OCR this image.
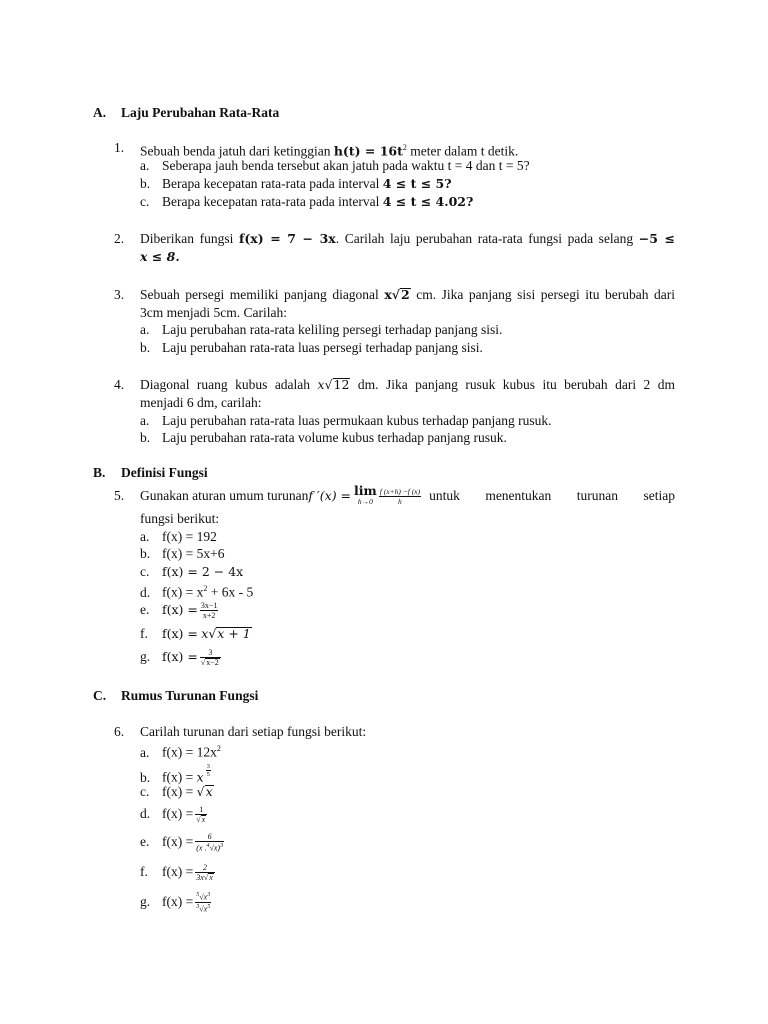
A. Laju Perubahan Rata-Rata
1. Sebuah benda jatuh dari ketinggian $h(t) = 16t^2$ meter dalam t detik.
a. Seberapa jauh benda tersebut akan jatuh pada waktu t = 4 dan t = 5?
b. Berapa kecepatan rata-rata pada interval 4 ≤ t ≤ 5?
c. Berapa kecepatan rata-rata pada interval 4 ≤ t ≤ 4.02?
2. Diberikan fungsi f(x) = 7 − 3x. Carilah laju perubahan rata-rata fungsi pada selang −5 ≤
x ≤ 8.
3. Sebuah persegi memiliki panjang diagonal x√2 cm. Jika panjang sisi persegi itu berubah dari
3cm menjadi 5cm. Carilah:
a. Laju perubahan rata-rata keliling persegi terhadap panjang sisi.
b. Laju perubahan rata-rata luas persegi terhadap panjang sisi.
4. Diagonal ruang kubus adalah x√12 dm. Jika panjang rusuk kubus itu berubah dari 2 dm
menjadi 6 dm, carilah:
a. Laju perubahan rata-rata luas permukaan kubus terhadap panjang rusuk.
b. Laju perubahan rata-rata volume kubus terhadap panjang rusuk.
B. Definisi Fungsi
5. Gunakan aturan umum turunan f ′(x) = lim
$h\to 0 \frac{f (x+h) -f (x)}{h}$ untuk menentukan turunan setiap
fungsi berikut:
a. f(x) = 192
b. f(x) = 5x+6
c. f(x) = 2 − 4x
d. $f(x) = x^2 + 6x - 5$
e.	$f(x) = \frac{3x-1}{x+2}$
f. f(x) = x√x + 1
g. $f(x) = \frac{3}{√x-2}$
C. Rumus Turunan Fungsi
6. Carilah turunan dari setiap fungsi berikut:
a. $f(x) = 12x^2$
b. f(x) = x $\frac{3}{5}$
c. f(x) = √x
d. $f(x) = \frac{1}{√x}$
e. $f(x) = \frac{6}{(x .^4√x)^3}$
f.	$f(x) = \frac{2}{3x√x}$
g. $f(x) = \frac{^5√x^3}{^3√x^5}$
